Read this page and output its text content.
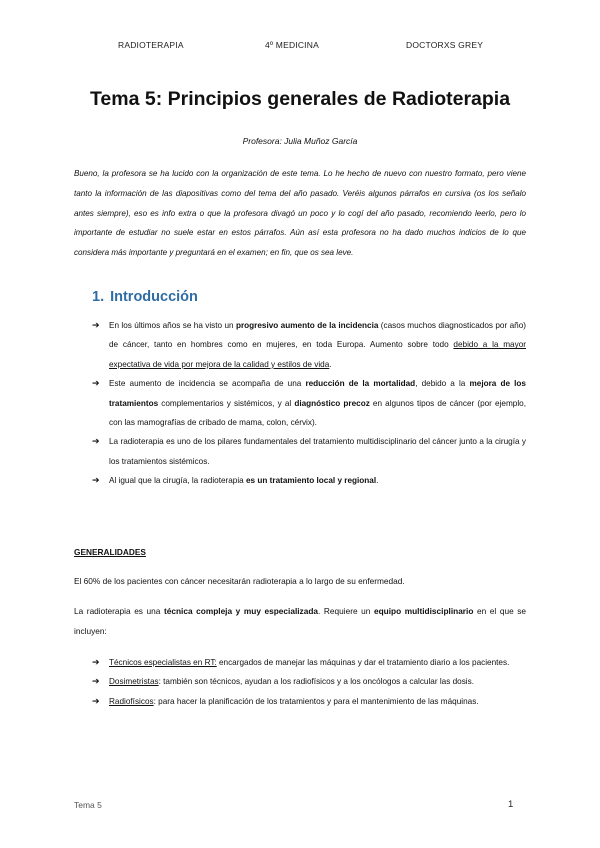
RADIOTERAPIA	4º MEDICINA	DOCTORXS GREY
Tema 5: Principios generales de Radioterapia
Profesora: Julia Muñoz García

Bueno, la profesora se ha lucido con la organización de este tema. Lo he hecho de nuevo con nuestro formato, pero viene tanto la información de las diapositivas como del tema del año pasado. Veréis algunos párrafos en cursiva (os los señalo antes siempre), eso es info extra o que la profesora divagó un poco y lo cogí del año pasado, recomiendo leerlo, pero lo importante de estudiar no suele estar en estos párrafos. Aún así esta profesora no ha dado muchos indicios de lo que considera más importante y preguntará en el examen; en fin, que os sea leve.

1. Introducción
➔ En los últimos años se ha visto un progresivo aumento de la incidencia (casos muchos diagnosticados por año) de cáncer, tanto en hombres como en mujeres, en toda Europa. Aumento sobre todo debido a la mayor expectativa de vida por mejora de la calidad y estilos de vida.
➔ Este aumento de incidencia se acompaña de una reducción de la mortalidad, debido a la mejora de los tratamientos complementarios y sistémicos, y al diagnóstico precoz en algunos tipos de cáncer (por ejemplo, con las mamografías de cribado de mama, colon, cérvix).
➔ La radioterapia es uno de los pilares fundamentales del tratamiento multidisciplinario del cáncer junto a la cirugía y los tratamientos sistémicos.
➔ Al igual que la cirugía, la radioterapia es un tratamiento local y regional.

GENERALIDADES

El 60% de los pacientes con cáncer necesitarán radioterapia a lo largo de su enfermedad.

La radioterapia es una técnica compleja y muy especializada. Requiere un equipo multidisciplinario en el que se incluyen:

➔ Técnicos especialistas en RT: encargados de manejar las máquinas y dar el tratamiento diario a los pacientes.
➔ Dosimetristas: también son técnicos, ayudan a los radiofísicos y a los oncólogos a calcular las dosis.
➔ Radiofísicos: para hacer la planificación de los tratamientos y para el mantenimiento de las máquinas.
Tema 5	1
